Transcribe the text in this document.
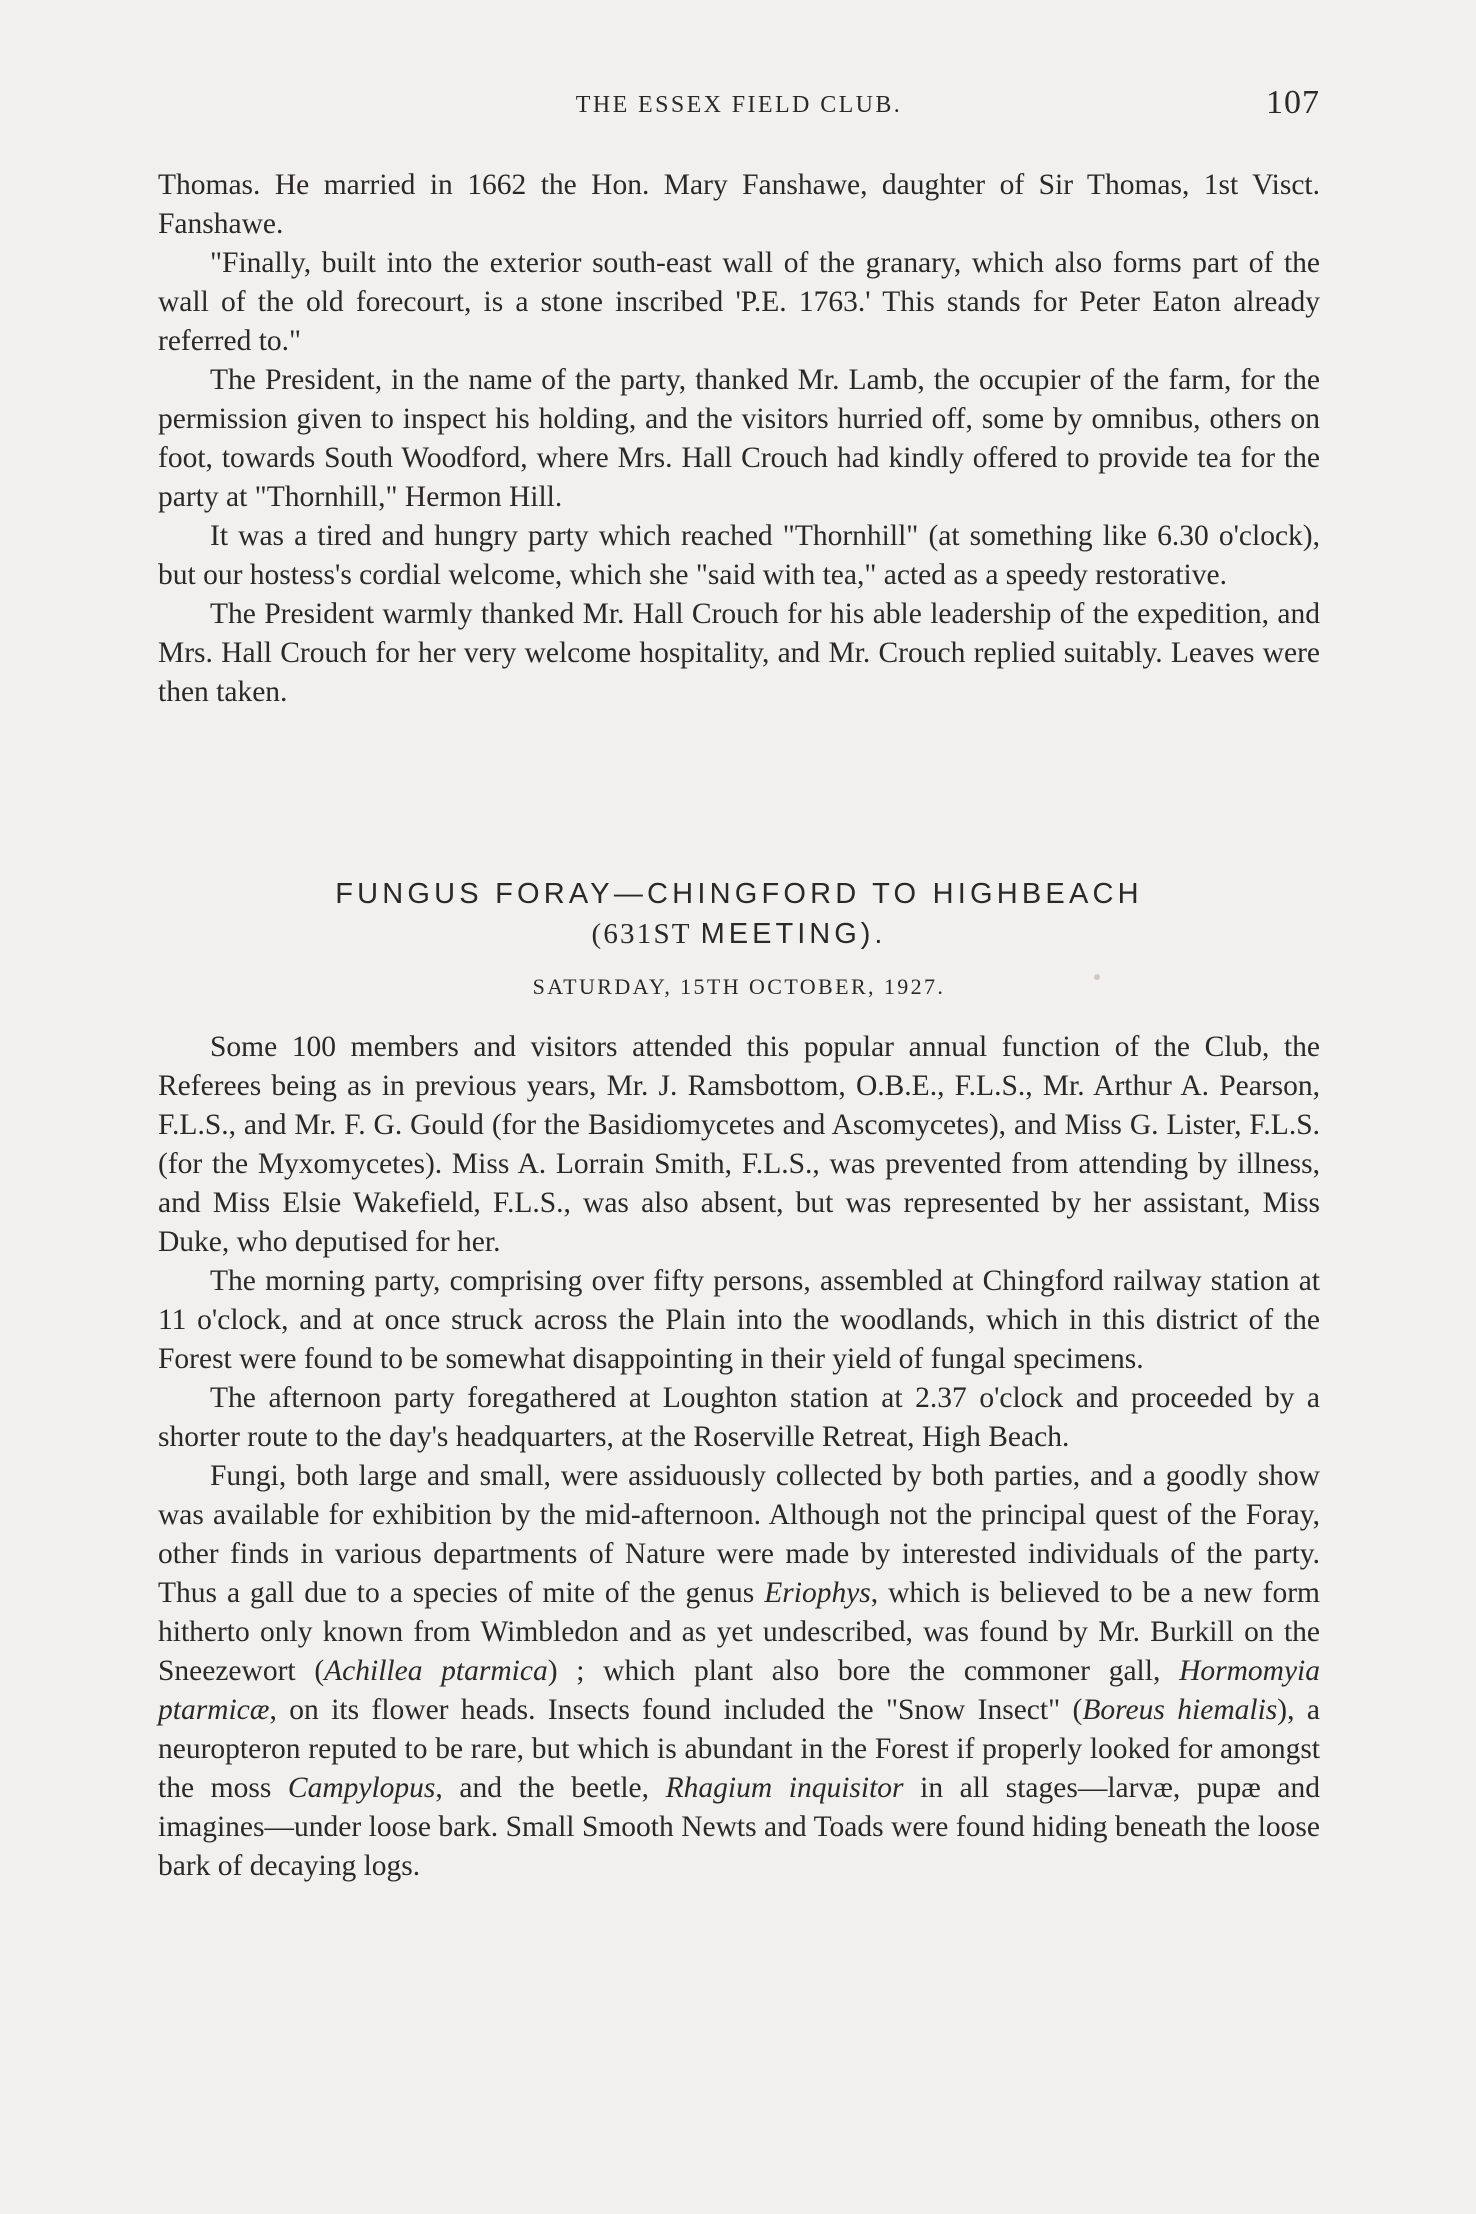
THE ESSEX FIELD CLUB.	107

Thomas. He married in 1662 the Hon. Mary Fanshawe, daughter of Sir Thomas, 1st Visct. Fanshawe.

"Finally, built into the exterior south-east wall of the granary, which also forms part of the wall of the old forecourt, is a stone inscribed 'P.E. 1763.' This stands for Peter Eaton already referred to."

The President, in the name of the party, thanked Mr. Lamb, the occupier of the farm, for the permission given to inspect his holding, and the visitors hurried off, some by omnibus, others on foot, towards South Woodford, where Mrs. Hall Crouch had kindly offered to provide tea for the party at "Thornhill," Hermon Hill.

It was a tired and hungry party which reached "Thornhill" (at something like 6.30 o'clock), but our hostess's cordial welcome, which she "said with tea," acted as a speedy restorative.

The President warmly thanked Mr. Hall Crouch for his able leadership of the expedition, and Mrs. Hall Crouch for her very welcome hospitality, and Mr. Crouch replied suitably. Leaves were then taken.

FUNGUS FORAY—CHINGFORD TO HIGHBEACH
(631ST MEETING).
SATURDAY, 15TH OCTOBER, 1927.

Some 100 members and visitors attended this popular annual function of the Club, the Referees being as in previous years, Mr. J. Ramsbottom, O.B.E., F.L.S., Mr. Arthur A. Pearson, F.L.S., and Mr. F. G. Gould (for the Basidiomycetes and Ascomycetes), and Miss G. Lister, F.L.S. (for the Myxomycetes). Miss A. Lorrain Smith, F.L.S., was prevented from attending by illness, and Miss Elsie Wakefield, F.L.S., was also absent, but was represented by her assistant, Miss Duke, who deputised for her.

The morning party, comprising over fifty persons, assembled at Chingford railway station at 11 o'clock, and at once struck across the Plain into the woodlands, which in this district of the Forest were found to be somewhat disappointing in their yield of fungal specimens.

The afternoon party foregathered at Loughton station at 2.37 o'clock and proceeded by a shorter route to the day's headquarters, at the Roserville Retreat, High Beach.

Fungi, both large and small, were assiduously collected by both parties, and a goodly show was available for exhibition by the mid-afternoon. Although not the principal quest of the Foray, other finds in various departments of Nature were made by interested individuals of the party. Thus a gall due to a species of mite of the genus Eriophys, which is believed to be a new form hitherto only known from Wimbledon and as yet undescribed, was found by Mr. Burkill on the Sneezewort (Achillea ptarmica) ; which plant also bore the commoner gall, Hormomyia ptarmicæ, on its flower heads. Insects found included the "Snow Insect" (Boreus hiemalis), a neuropteron reputed to be rare, but which is abundant in the Forest if properly looked for amongst the moss Campylopus, and the beetle, Rhagium inquisitor in all stages—larvæ, pupæ and imagines—under loose bark. Small Smooth Newts and Toads were found hiding beneath the loose bark of decaying logs.
